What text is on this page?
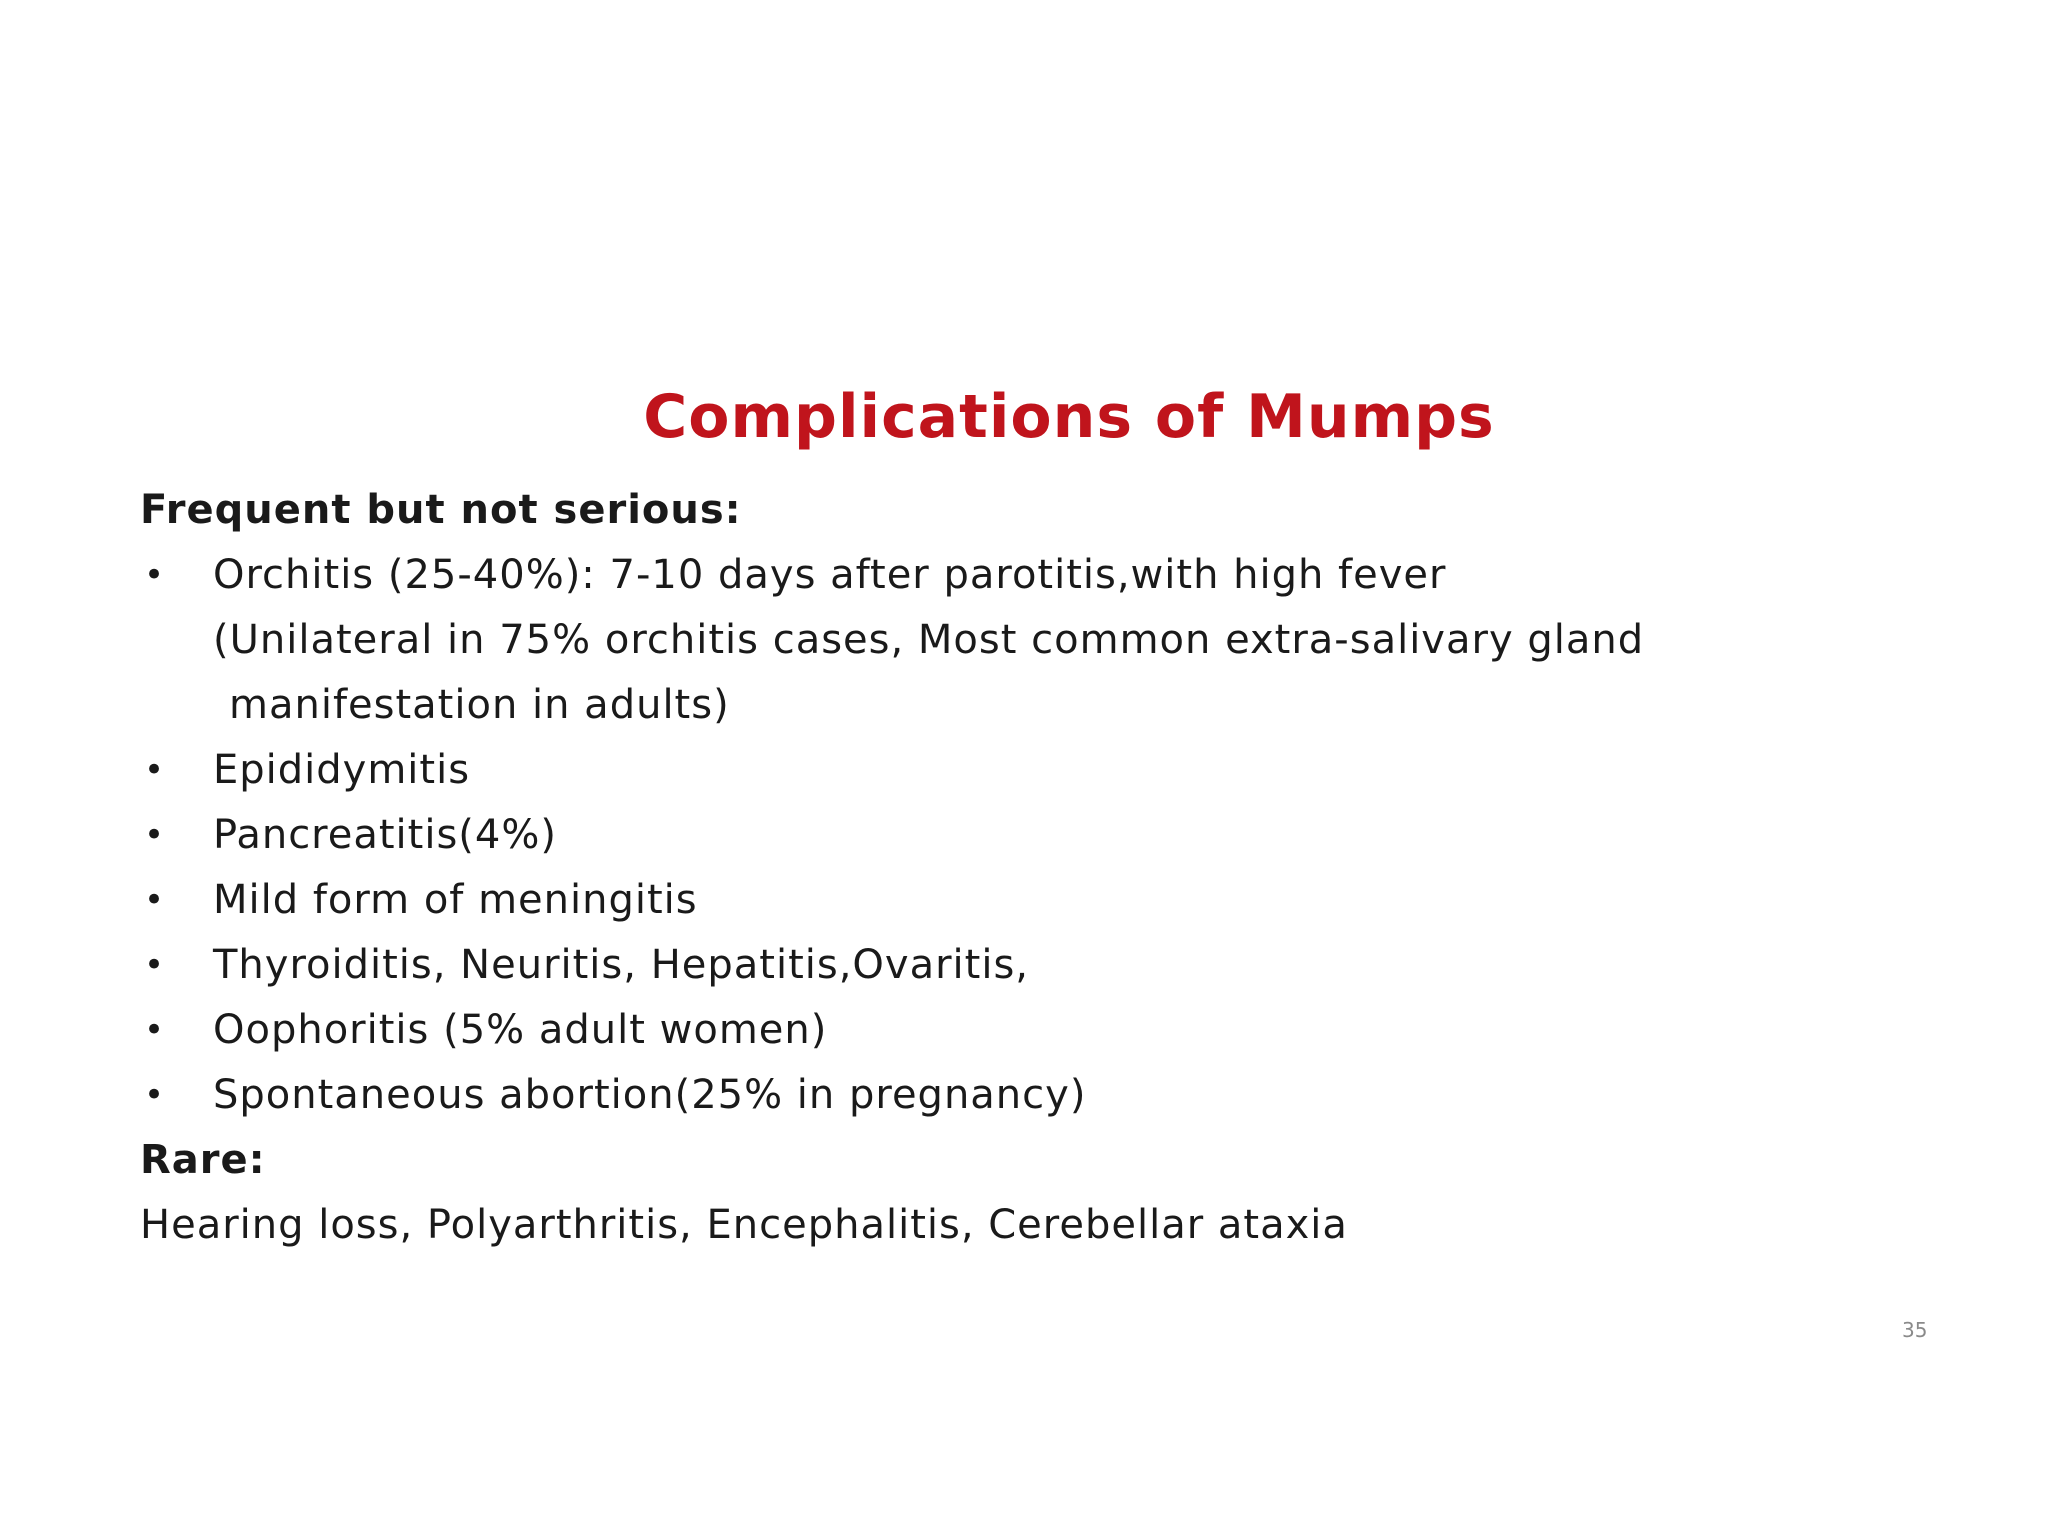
Complications of Mumps
Frequent but not serious:
• Orchitis (25-40%): 7-10 days after parotitis,with high fever
(Unilateral in 75% orchitis cases, Most common extra-salivary gland
manifestation in adults)
• Epididymitis
• Pancreatitis(4%)
• Mild form of meningitis
• Thyroiditis, Neuritis, Hepatitis,Ovaritis,
• Oophoritis (5% adult women)
• Spontaneous abortion(25% in pregnancy)
Rare:
Hearing loss, Polyarthritis, Encephalitis, Cerebellar ataxia
35
